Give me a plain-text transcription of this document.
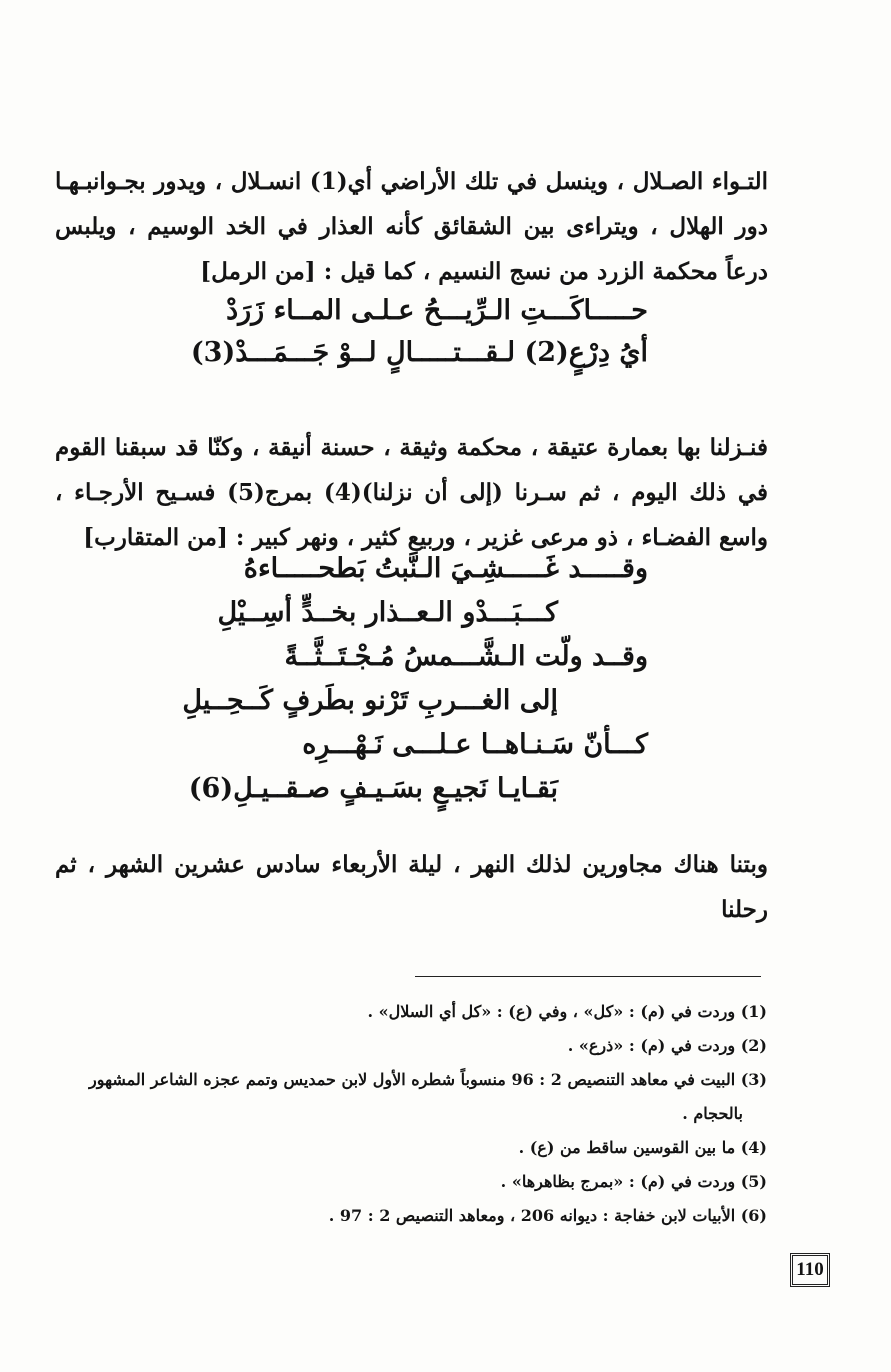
التـواء الصـلال ، وينسل في تلك الأراضي أي(1) انسـلال ، ويدور بجـوانبـهـا دور الهلال ، ويتراءى بين الشقائق كأنه العذار في الخد الوسيم ، ويلبس درعاً محكمة الزرد من نسج النسيم ، كما قيل : [من الرمل]

حـــــاكَـــتِ الـرِّيـــحُ عـلـى المــاء زَرَدْ
أيُ دِرْعٍ(2) لـقـــتـــــالٍ لــوْ جَـــمَـــدْ(3)

فنـزلنا بها بعمارة عتيقة ، محكمة وثيقة ، حسنة أنيقة ، وكنّا قد سبقنا القوم في ذلك اليوم ، ثم سـرنا (إلى أن نزلنا)(4) بمرج(5) فسـيح الأرجـاء ، واسع الفضـاء ، ذو مرعى غزير ، وربيع كثير ، ونهر كبير : [من المتقارب]

وقـــــد غَـــــشِـيَ الـنَّبتُ بَطحـــــاءهُ
كـــبَـــدْو الـعــذار بخــدٍّ أسِــيْلِ
وقــد ولّت الـشَّـــمسُ مُـجْـتَــثَّــةً
إلى الغـــربِ تَرْنو بطَرفٍ كَــحِــيلِ
كـــأنّ سَـنـاهــا عـلـــى نَـهْـــرِه
بَقـايـا نَجيـعٍ بسَـيـفٍ صـقــيـلِ(6)

وبتنا هناك مجاورين لذلك النهر ، ليلة الأربعاء سادس عشرين الشهر ، ثم رحلنا

(1) وردت في (م) : «كل» ، وفي (ع) : «كل أي السلال» .

(2) وردت في (م) : «ذرع» .

(3) البيت في معاهد التنصيص 2 : 96 منسوباً شطره الأول لابن حمديس وتمم عجزه الشاعر المشهور

بالحجام .

(4) ما بين القوسين ساقط من (ع) .

(5) وردت في (م) : «بمرج بظاهرها» .

(6) الأبيات لابن خفاجة : ديوانه 206 ، ومعاهد التنصيص 2 : 97 .

110
